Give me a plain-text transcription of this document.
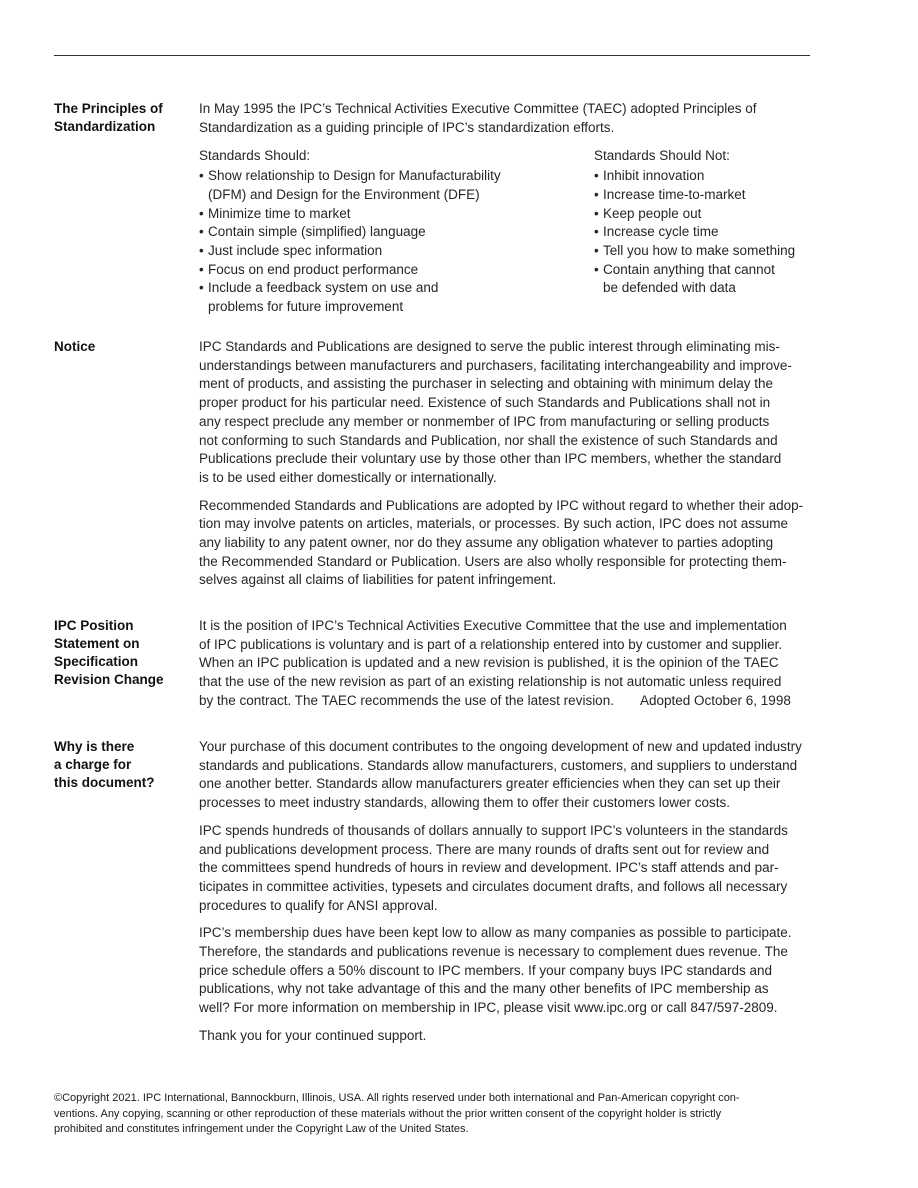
The Principles of
Standardization
In May 1995 the IPC’s Technical Activities Executive Committee (TAEC) adopted Principles of
Standardization as a guiding principle of IPC’s standardization efforts.
Standards Should:
• Show relationship to Design for Manufacturability
(DFM) and Design for the Environment (DFE)
• Minimize time to market
• Contain simple (simplified) language
• Just include spec information
• Focus on end product performance
• Include a feedback system on use and
problems for future improvement
Standards Should Not:
• Inhibit innovation
• Increase time-to-market
• Keep people out
• Increase cycle time
• Tell you how to make something
• Contain anything that cannot
be defended with data
Notice	IPC Standards and Publications are designed to serve the public interest through eliminating mis-
understandings between manufacturers and purchasers, facilitating interchangeability and improve-
ment of products, and assisting the purchaser in selecting and obtaining with minimum delay the
proper product for his particular need. Existence of such Standards and Publications shall not in
any respect preclude any member or nonmember of IPC from manufacturing or selling products
not conforming to such Standards and Publication, nor shall the existence of such Standards and
Publications preclude their voluntary use by those other than IPC members, whether the standard
is to be used either domestically or internationally.

Recommended Standards and Publications are adopted by IPC without regard to whether their adop-
tion may involve patents on articles, materials, or processes. By such action, IPC does not assume
any liability to any patent owner, nor do they assume any obligation whatever to parties adopting
the Recommended Standard or Publication. Users are also wholly responsible for protecting them-
selves against all claims of liabilities for patent infringement.

IPC Position
Statement on
Specification
Revision Change
It is the position of IPC’s Technical Activities Executive Committee that the use and implementation
of IPC publications is voluntary and is part of a relationship entered into by customer and supplier.
When an IPC publication is updated and a new revision is published, it is the opinion of the TAEC
that the use of the new revision as part of an existing relationship is not automatic unless required
by the contract. The TAEC recommends the use of the latest revision. Adopted October 6, 1998
Why is there
a charge for
this document?

Your purchase of this document contributes to the ongoing development of new and updated industry
standards and publications. Standards allow manufacturers, customers, and suppliers to understand
one another better. Standards allow manufacturers greater efficiencies when they can set up their
processes to meet industry standards, allowing them to offer their customers lower costs.

IPC spends hundreds of thousands of dollars annually to support IPC’s volunteers in the standards
and publications development process. There are many rounds of drafts sent out for review and
the committees spend hundreds of hours in review and development. IPC’s staff attends and par-
ticipates in committee activities, typesets and circulates document drafts, and follows all necessary
procedures to qualify for ANSI approval.

IPC’s membership dues have been kept low to allow as many companies as possible to participate.
Therefore, the standards and publications revenue is necessary to complement dues revenue. The
price schedule offers a 50% discount to IPC members. If your company buys IPC standards and
publications, why not take advantage of this and the many other benefits of IPC membership as
well? For more information on membership in IPC, please visit www.ipc.org or call 847/597-2809.

Thank you for your continued support.

©Copyright 2021. IPC International, Bannockburn, Illinois, USA. All rights reserved under both international and Pan-American copyright con-
ventions. Any copying, scanning or other reproduction of these materials without the prior written consent of the copyright holder is strictly
prohibited and constitutes infringement under the Copyright Law of the United States.
